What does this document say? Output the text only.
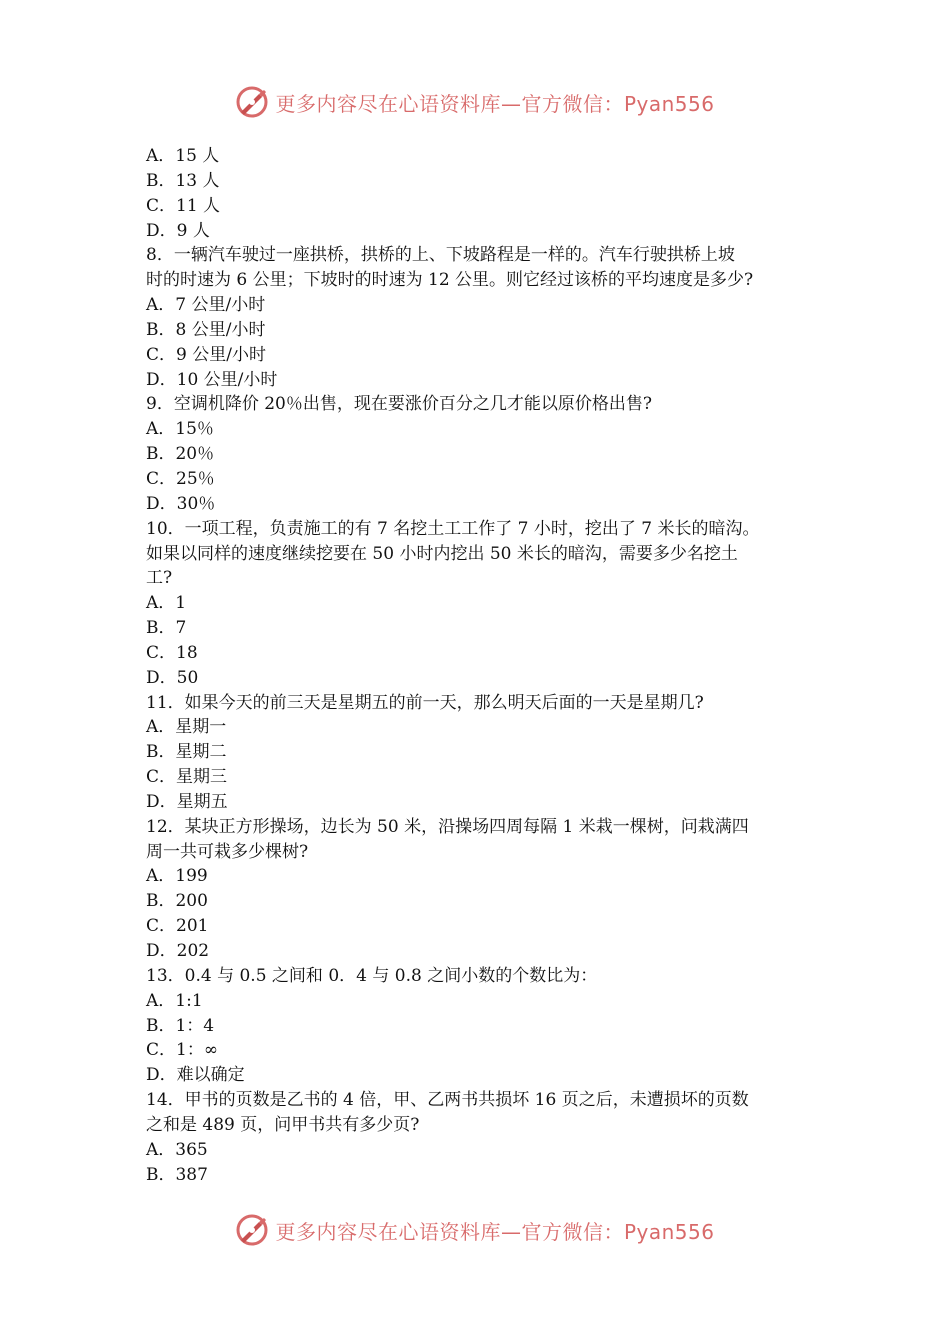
更多内容尽在心语资料库—官方微信：Pyan556
A．15 人
B．13 人
C．11 人
D．9 人
8．一辆汽车驶过一座拱桥，拱桥的上、下坡路程是一样的。汽车行驶拱桥上坡
时的时速为 6 公里；下坡时的时速为 12 公里。则它经过该桥的平均速度是多少?
A．7 公里/小时
B．8 公里/小时
C．9 公里/小时
D．10 公里/小时
9．空调机降价 20％出售，现在要涨价百分之几才能以原价格出售?
A．15％
B．20％
C．25％
D．30％
10．一项工程，负责施工的有 7 名挖土工工作了 7 小时，挖出了 7 米长的暗沟。
如果以同样的速度继续挖要在 50 小时内挖出 50 米长的暗沟，需要多少名挖土
工?
A．1
B．7
C．18
D．50
11．如果今天的前三天是星期五的前一天，那么明天后面的一天是星期几?
A．星期一
B．星期二
C．星期三
D．星期五
12．某块正方形操场，边长为 50 米，沿操场四周每隔 1 米栽一棵树，问栽满四
周一共可栽多少棵树?
A．199
B．200
C．201
D．202
13．0.4 与 0.5 之间和 0．4 与 0.8 之间小数的个数比为：
A．1:1
B．1：4
C．1：∞
D．难以确定
14．甲书的页数是乙书的 4 倍，甲、乙两书共损坏 16 页之后，未遭损坏的页数
之和是 489 页，问甲书共有多少页?
A．365
B．387
更多内容尽在心语资料库—官方微信：Pyan556
